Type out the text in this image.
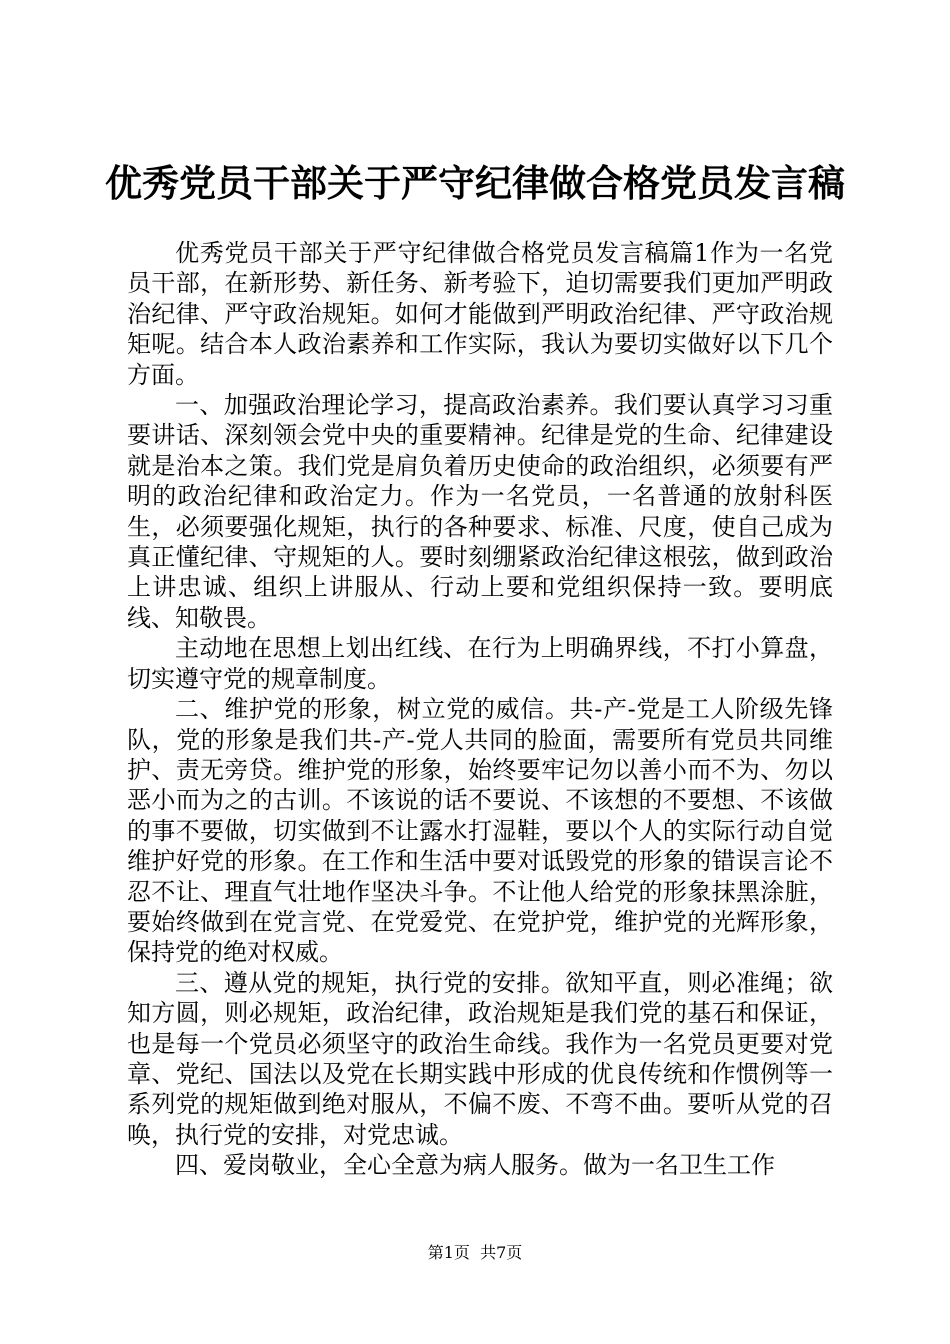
优秀党员干部关于严守纪律做合格党员发言稿

优秀党员干部关于严守纪律做合格党员发言稿篇1作为一名党员干部，在新形势、新任务、新考验下，迫切需要我们更加严明政治纪律、严守政治规矩。如何才能做到严明政治纪律、严守政治规矩呢。结合本人政治素养和工作实际，我认为要切实做好以下几个方面。

一、加强政治理论学习，提高政治素养。我们要认真学习习重要讲话、深刻领会党中央的重要精神。纪律是党的生命、纪律建设就是治本之策。我们党是肩负着历史使命的政治组织，必须要有严明的政治纪律和政治定力。作为一名党员，一名普通的放射科医生，必须要强化规矩，执行的各种要求、标准、尺度，使自己成为真正懂纪律、守规矩的人。要时刻绷紧政治纪律这根弦，做到政治上讲忠诚、组织上讲服从、行动上要和党组织保持一致。要明底线、知敬畏。

主动地在思想上划出红线、在行为上明确界线，不打小算盘，切实遵守党的规章制度。

二、维护党的形象，树立党的威信。共-产-党是工人阶级先锋队，党的形象是我们共-产-党人共同的脸面，需要所有党员共同维护、责无旁贷。维护党的形象，始终要牢记勿以善小而不为、勿以恶小而为之的古训。不该说的话不要说、不该想的不要想、不该做的事不要做，切实做到不让露水打湿鞋，要以个人的实际行动自觉维护好党的形象。在工作和生活中要对诋毁党的形象的错误言论不忍不让、理直气壮地作坚决斗争。不让他人给党的形象抹黑涂脏，要始终做到在党言党、在党爱党、在党护党，维护党的光辉形象，保持党的绝对权威。

三、遵从党的规矩，执行党的安排。欲知平直，则必准绳；欲知方圆，则必规矩，政治纪律，政治规矩是我们党的基石和保证，也是每一个党员必须坚守的政治生命线。我作为一名党员更要对党章、党纪、国法以及党在长期实践中形成的优良传统和作惯例等一系列党的规矩做到绝对服从，不偏不废、不弯不曲。要听从党的召唤，执行党的安排，对党忠诚。

四、爱岗敬业，全心全意为病人服务。做为一名卫生工作

第1页  共7页
